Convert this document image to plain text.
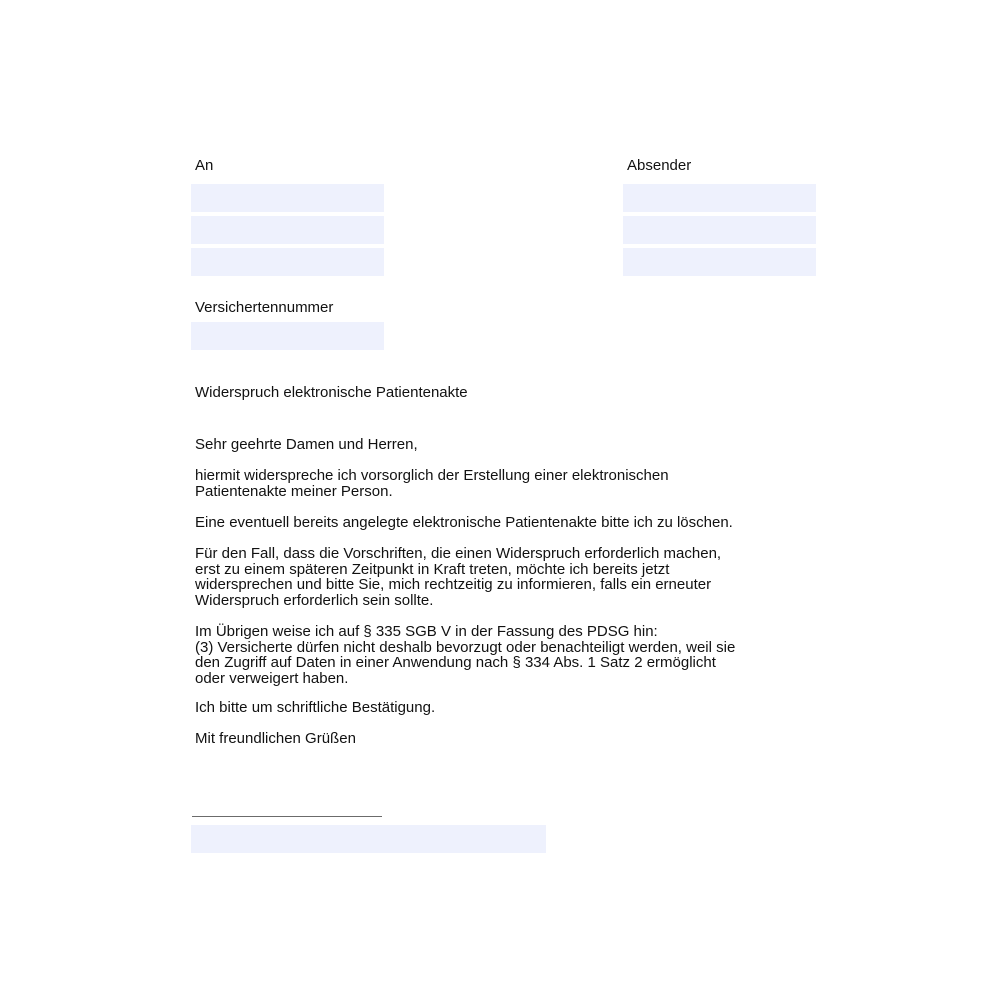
An	Absender
Versichertennummer
Widerspruch elektronische Patientenakte
Sehr geehrte Damen und Herren,
hiermit widerspreche ich vorsorglich der Erstellung einer elektronischen
Patientenakte meiner Person.
Eine eventuell bereits angelegte elektronische Patientenakte bitte ich zu löschen.
Für den Fall, dass die Vorschriften, die einen Widerspruch erforderlich machen,
erst zu einem späteren Zeitpunkt in Kraft treten, möchte ich bereits jetzt
widersprechen und bitte Sie, mich rechtzeitig zu informieren, falls ein erneuter
Widerspruch erforderlich sein sollte.
Im Übrigen weise ich auf § 335 SGB V in der Fassung des PDSG hin:
(3) Versicherte dürfen nicht deshalb bevorzugt oder benachteiligt werden, weil sie
den Zugriff auf Daten in einer Anwendung nach § 334 Abs. 1 Satz 2 ermöglicht
oder verweigert haben.
Ich bitte um schriftliche Bestätigung.
Mit freundlichen Grüßen
